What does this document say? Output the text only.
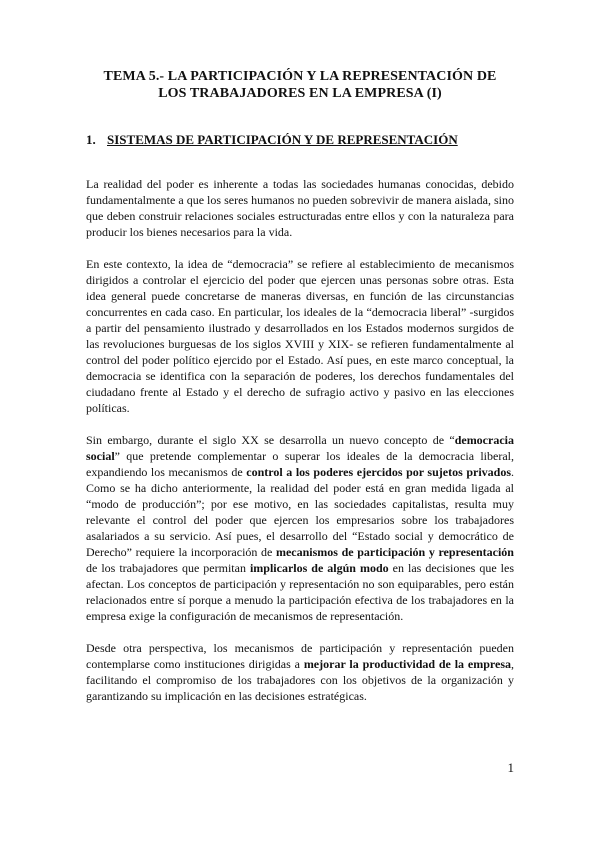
TEMA 5.- LA PARTICIPACIÓN Y LA REPRESENTACIÓN DE
LOS TRABAJADORES EN LA EMPRESA (I)
1. SISTEMAS DE PARTICIPACIÓN Y DE REPRESENTACIÓN

La realidad del poder es inherente a todas las sociedades humanas conocidas, debido fundamentalmente a que los seres humanos no pueden sobrevivir de manera aislada, sino que deben construir relaciones sociales estructuradas entre ellos y con la naturaleza para producir los bienes necesarios para la vida.

En este contexto, la idea de “democracia” se refiere al establecimiento de mecanismos dirigidos a controlar el ejercicio del poder que ejercen unas personas sobre otras. Esta idea general puede concretarse de maneras diversas, en función de las circunstancias concurrentes en cada caso. En particular, los ideales de la “democracia liberal” -surgidos a partir del pensamiento ilustrado y desarrollados en los Estados modernos surgidos de las revoluciones burguesas de los siglos XVIII y XIX- se refieren fundamentalmente al control del poder político ejercido por el Estado. Así pues, en este marco conceptual, la democracia se identifica con la separación de poderes, los derechos fundamentales del ciudadano frente al Estado y el derecho de sufragio activo y pasivo en las elecciones políticas.

Sin embargo, durante el siglo XX se desarrolla un nuevo concepto de “democracia social” que pretende complementar o superar los ideales de la democracia liberal, expandiendo los mecanismos de control a los poderes ejercidos por sujetos privados. Como se ha dicho anteriormente, la realidad del poder está en gran medida ligada al “modo de producción”; por ese motivo, en las sociedades capitalistas, resulta muy relevante el control del poder que ejercen los empresarios sobre los trabajadores asalariados a su servicio. Así pues, el desarrollo del “Estado social y democrático de Derecho” requiere la incorporación de mecanismos de participación y representación de los trabajadores que permitan implicarlos de algún modo en las decisiones que les afectan. Los conceptos de participación y representación no son equiparables, pero están relacionados entre sí porque a menudo la participación efectiva de los trabajadores en la empresa exige la configuración de mecanismos de representación.

Desde otra perspectiva, los mecanismos de participación y representación pueden contemplarse como instituciones dirigidas a mejorar la productividad de la empresa, facilitando el compromiso de los trabajadores con los objetivos de la organización y garantizando su implicación en las decisiones estratégicas.

1
